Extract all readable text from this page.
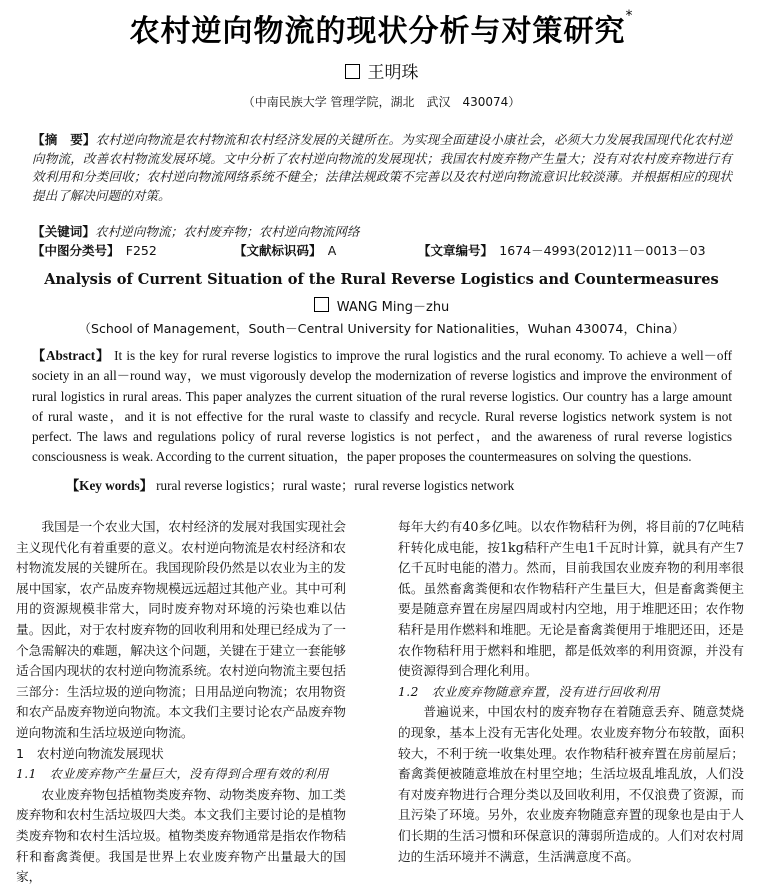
农村逆向物流的现状分析与对策研究*
王明珠
（中南民族大学 管理学院，湖北　武汉　430074）
【摘　要】农村逆向物流是农村物流和农村经济发展的关键所在。为实现全面建设小康社会，必须大力发展我国现代化农村逆向物流，改善农村物流发展环境。文中分析了农村逆向物流的发展现状；我国农村废弃物产生量大；没有对农村废弃物进行有效利用和分类回收；农村逆向物流网络系统不健全；法律法规政策不完善以及农村逆向物流意识比较淡薄。并根据相应的现状提出了解决问题的对策。
【关键词】农村逆向物流；农村废弃物；农村逆向物流网络
【中图分类号】　 F252	【文献标识码】　 A	【文章编号】　 1674－4993(2012)11－0013－03
Analysis of Current Situation of the Rural Reverse Logistics and Countermeasures
WANG Ming－zhu
（School of Management，South－Central University for Nationalities，Wuhan 430074，China）
【Abstract】 It is the key for rural reverse logistics to improve the rural logistics and the rural economy. To achieve a well－off society in an all－round way，we must vigorously develop the modernization of reverse logistics and improve the environment of rural logistics in rural areas. This paper analyzes the current situation of the rural reverse logistics. Our country has a large amount of rural waste，and it is not effective for the rural waste to classify and recycle. Rural reverse logistics network system is not perfect. The laws and regulations policy of rural reverse logistics is not perfect，and the awareness of rural reverse logistics consciousness is weak. According to the current situation，the paper proposes the countermeasures on solving the questions.
【Key words】 rural reverse logistics；rural waste；rural reverse logistics network

我国是一个农业大国，农村经济的发展对我国实现社会主义现代化有着重要的意义。农村逆向物流是农村经济和农村物流发展的关键所在。我国现阶段仍然是以农业为主的发展中国家，农产品废弃物规模远远超过其他产业。其中可利用的资源规模非常大，同时废弃物对环境的污染也难以估量。因此，对于农村废弃物的回收利用和处理已经成为了一个急需解决的难题，解决这个问题，关键在于建立一套能够适合国内现状的农村逆向物流系统。农村逆向物流主要包括三部分：生活垃圾的逆向物流；日用品逆向物流；农用物资和农产品废弃物逆向物流。本文我们主要讨论农产品废弃物逆向物流和生活垃圾逆向物流。

1　农村逆向物流发展现状

1.1　农业废弃物产生量巨大，没有得到合理有效的利用

农业废弃物包括植物类废弃物、动物类废弃物、加工类废弃物和农村生活垃圾四大类。本文我们主要讨论的是植物类废弃物和农村生活垃圾。植物类废弃物通常是指农作物秸秆和畜禽粪便。我国是世界上农业废弃物产出量最大的国家，

每年大约有40多亿吨。以农作物秸秆为例，将目前的7亿吨秸秆转化成电能，按1kg秸秆产生电1千瓦时计算，就具有产生7亿千瓦时电能的潜力。然而，目前我国农业废弃物的利用率很低。虽然畜禽粪便和农作物秸秆产生量巨大，但是畜禽粪便主要是随意弃置在房屋四周或村内空地，用于堆肥还田；农作物秸秆是用作燃料和堆肥。无论是畜禽粪便用于堆肥还田，还是农作物秸秆用于燃料和堆肥，都是低效率的利用资源，并没有使资源得到合理化利用。

1.2　农业废弃物随意弃置，没有进行回收利用

普遍说来，中国农村的废弃物存在着随意丢弃、随意焚烧的现象，基本上没有无害化处理。农业废弃物分布较散，面积较大，不利于统一收集处理。农作物秸秆被弃置在房前屋后；畜禽粪便被随意堆放在村里空地；生活垃圾乱堆乱放，人们没有对废弃物进行合理分类以及回收利用，不仅浪费了资源，而且污染了环境。另外，农业废弃物随意弃置的现象也是由于人们长期的生活习惯和环保意识的薄弱所造成的。人们对农村周边的生活环境并不满意，生活满意度不高。
